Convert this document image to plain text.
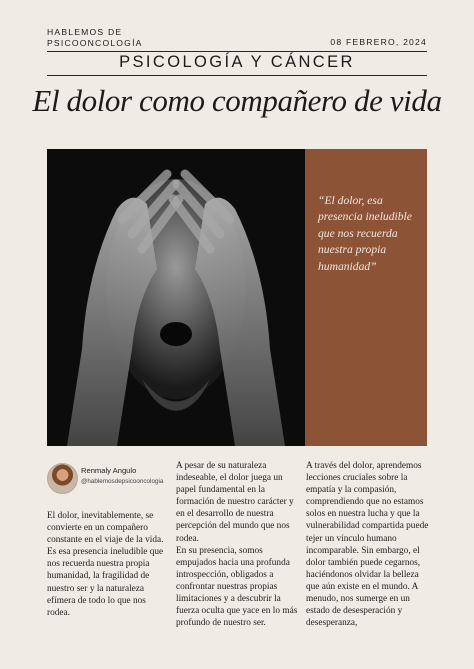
HABLEMOS DE PSICOONCOLOGÍA	08 FEBRERO, 2024
PSICOLOGÍA Y CÁNCER
El dolor como compañero de vida
“El dolor, esa presencia ineludible que nos recuerda nuestra propia humanidad”
Renmaly Angulo
@hablemosdepsicooncologia

El dolor, inevitablemente, se convierte en un compañero constante en el viaje de la vida. Es esa presencia ineludible que nos recuerda nuestra propia humanidad, la fragilidad de nuestro ser y la naturaleza efímera de todo lo que nos rodea.

A pesar de su naturaleza indeseable, el dolor juega un papel fundamental en la formación de nuestro carácter y en el desarrollo de nuestra percepción del mundo que nos rodea.

En su presencia, somos empujados hacia una profunda introspección, obligados a confrontar nuestras propias limitaciones y a descubrir la fuerza oculta que yace en lo más profundo de nuestro ser.

A través del dolor, aprendemos lecciones cruciales sobre la empatía y la compasión, comprendiendo que no estamos solos en nuestra lucha y que la vulnerabilidad compartida puede tejer un vínculo humano incomparable. Sin embargo, el dolor también puede cegarnos, haciéndonos olvidar la belleza que aún existe en el mundo. A menudo, nos sumerge en un estado de desesperación y desesperanza,
